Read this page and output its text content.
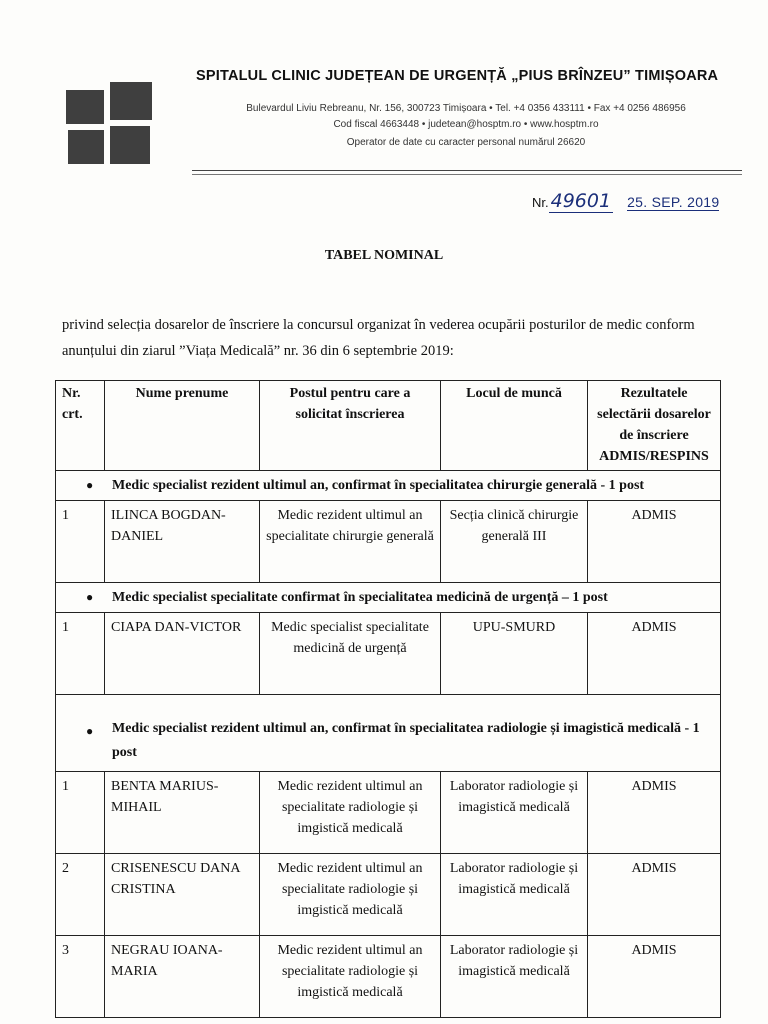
SPITALUL CLINIC JUDEȚEAN DE URGENȚĂ „PIUS BRÎNZEU” TIMIȘOARA
Bulevardul Liviu Rebreanu, Nr. 156, 300723 Timișoara • Tel. +4 0356 433111 • Fax +4 0256 486956
Cod fiscal 4663448 • judetean@hosptm.ro • www.hosptm.ro
Operator de date cu caracter personal numărul 26620
Nr. 49601 25. SEP. 2019
TABEL NOMINAL
privind selecția dosarelor de înscriere la concursul organizat în vederea ocupării posturilor de medic conform anunțului din ziarul ”Viața Medicală” nr. 36 din 6 septembrie 2019:
Nr. crt.	Nume prenume	Postul pentru care a solicitat înscrierea	Locul de muncă	Rezultatele selectării dosarelor de înscriere ADMIS/RESPINS

● Medic specialist rezident ultimul an, confirmat în specialitatea chirurgie generală - 1 post				

1	ILINCA BOGDAN-DANIEL	Medic rezident ultimul an specialitate chirurgie generală	Secția clinică chirurgie generală III	ADMIS

● Medic specialist specialitate confirmat în specialitatea medicină de urgență – 1 post				

1	CIAPA DAN-VICTOR	Medic specialist specialitate medicină de urgență	UPU-SMURD	ADMIS

● Medic specialist rezident ultimul an, confirmat în specialitatea radiologie și imagistică medicală - 1 post				

1	BENTA MARIUS-MIHAIL	Medic rezident ultimul an specialitate radiologie și imgistică medicală	Laborator radiologie și imagistică medicală	ADMIS
2	CRISENESCU DANA CRISTINA	Medic rezident ultimul an specialitate radiologie și imgistică medicală	Laborator radiologie și imagistică medicală	ADMIS
3	NEGRAU IOANA-MARIA	Medic rezident ultimul an specialitate radiologie și imgistică medicală	Laborator radiologie și imagistică medicală	ADMIS
